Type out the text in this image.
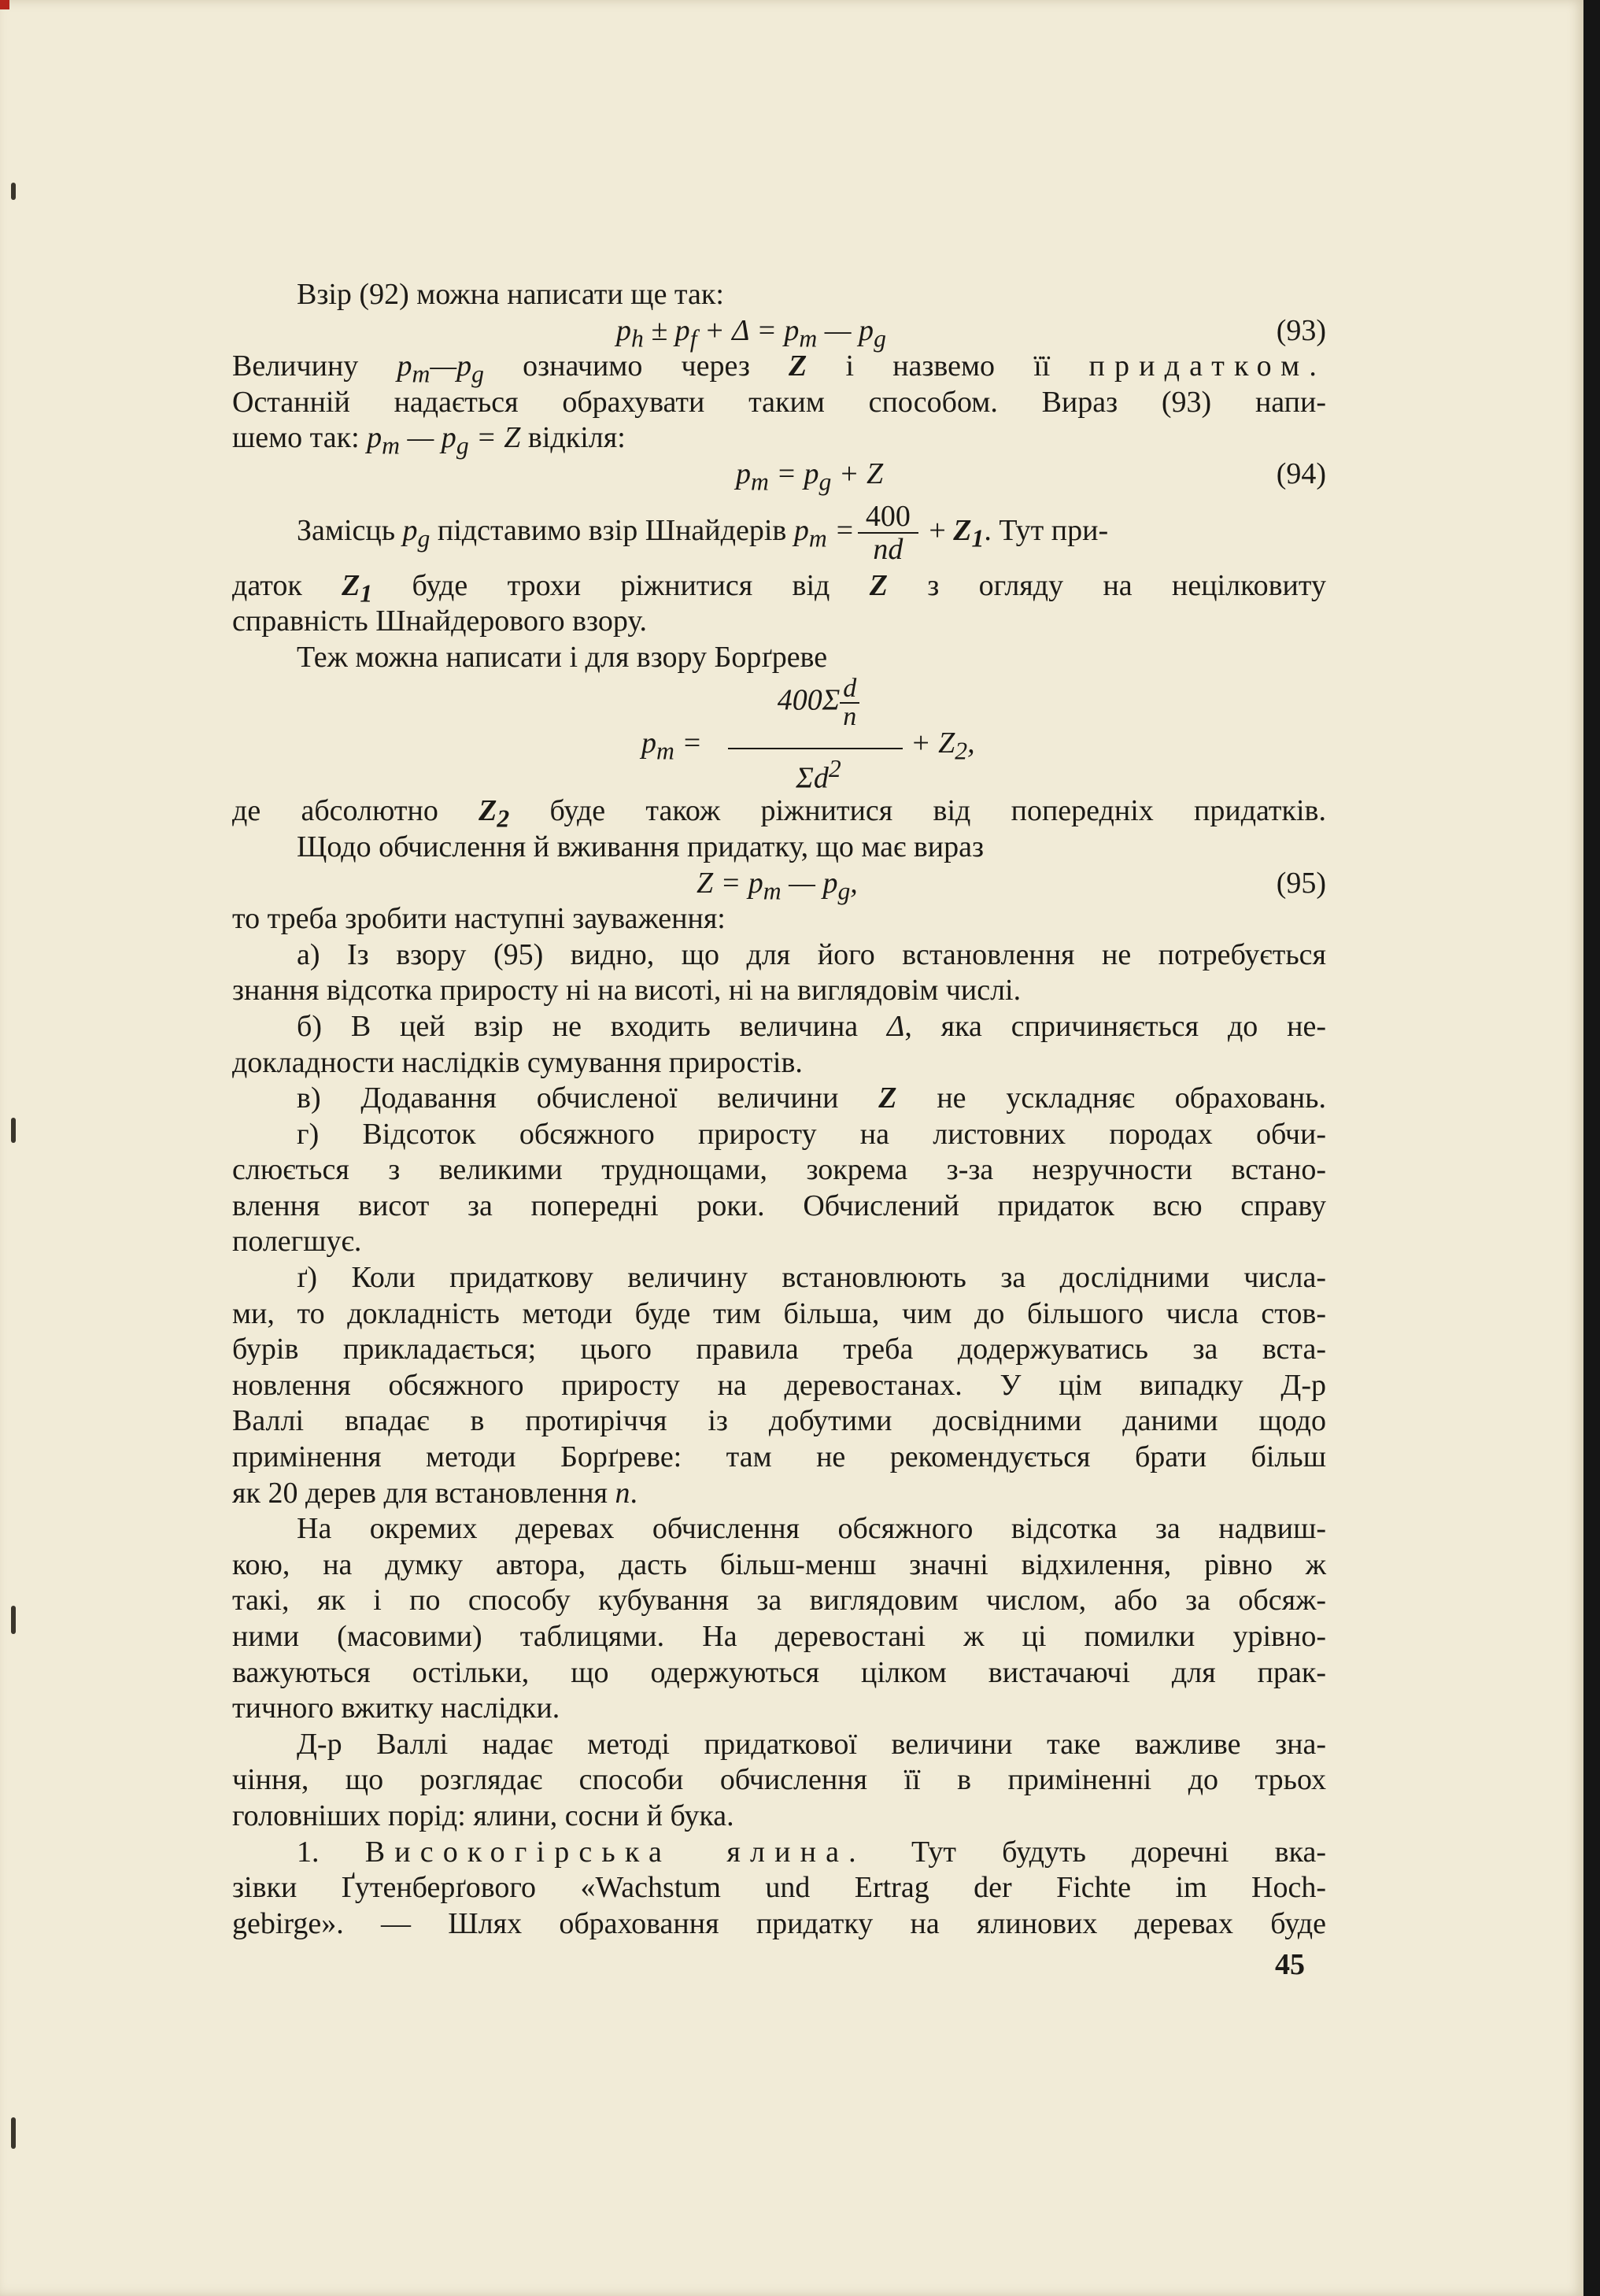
Взір (92) можна написати ще так:
$p_h \pm p_f + \Delta = p_m$ — $p_g$	(93)
Величину $p_m—p_g$ означимо через Z і назвемо її придатком.
Останній надається обрахувати таким способом. Вираз (93) напи-
шемо так: $p_m$ — $p_g = Z$ відкіля:
$p_m = p_g + Z$	(94)
Замісць $p_g$ підставимо взір Шнайдерів $p_m = \frac{400}{nd} + Z_1$. Тут при-
даток $Z_1$ буде трохи ріжнитися від Z з огляду на нецілковиту
справність Шнайдерового взору.
Теж можна написати і для взору Борґреве
$p_m$ =
$400\Sigma \frac{d}{n}$
$\Sigma d^2$
+ $Z_2$,
де абсолютно $Z_2$ буде також ріжнитися від попередніх придатків.
Щодо обчислення й вживання придатку, що має вираз
$Z = p_m$ — $p_g$,	(95)
то треба зробити наступні зауваження:
а) Із взору (95) видно, що для його встановлення не потребується
знання відсотка приросту ні на висоті, ні на виглядовім числі.
б) В цей взір не входить величина Δ, яка спричиняється до не-
докладности наслідків сумування приростів.
в) Додавання обчисленої величини Z не ускладняє обраховань.
г) Відсоток обсяжного приросту на листовних породах обчи-
слюється з великими труднощами, зокрема з-за незручности встано-
влення висот за попередні роки. Обчислений придаток всю справу
полегшує.
ґ) Коли придаткову величину встановлюють за дослідними числа-
ми, то докладність методи буде тим більша, чим до більшого числа стов-
бурів прикладається; цього правила треба додержуватись за вста-
новлення обсяжного приросту на деревостанах. У цім випадку Д-р
Валлі впадає в протиріччя із добутими досвідними даними щодо
примінення методи Борґреве: там не рекомендується брати більш
як 20 дерев для встановлення n.
На окремих деревах обчислення обсяжного відсотка за надвиш-
кою, на думку автора, дасть більш-менш значні відхилення, рівно ж
такі, як і по способу кубування за виглядовим числом, або за обсяж-
ними (масовими) таблицями. На деревостані ж ці помилки урівно-
важуються остільки, що одержуються цілком вистачаючі для прак-
тичного вжитку наслідки.
Д-р Валлі надає методі придаткової величини таке важливе зна-
чіння, що розглядає способи обчислення її в приміненні до трьох
головніших порід: ялини, сосни й бука.
1. Високогірська ялина. Тут будуть доречні вка-
зівки Ґутенберґового «Wachstum und Ertrag der Fichte im Hoch-
gebirge». — Шлях обраховання придатку на ялинових деревах буде
45
